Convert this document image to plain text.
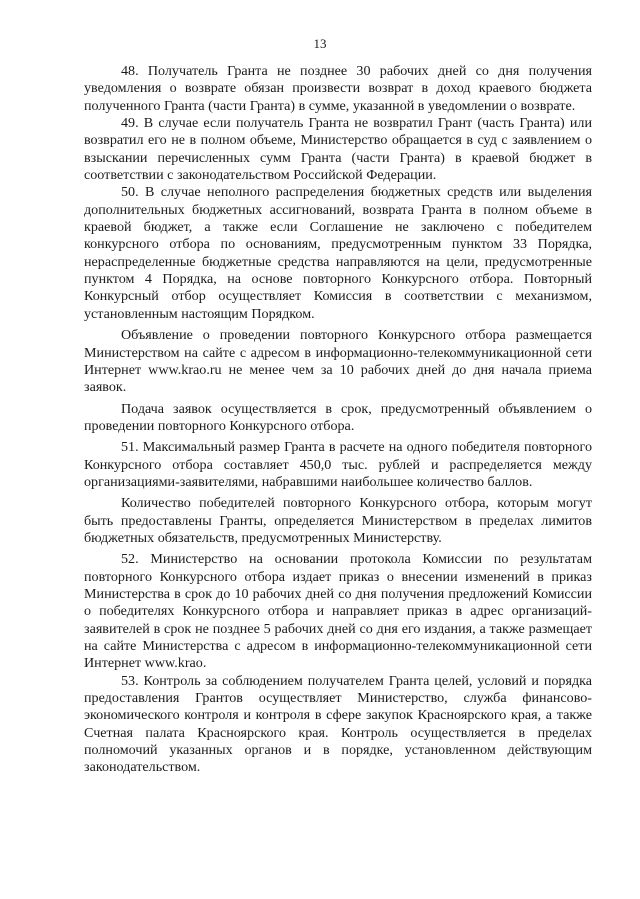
13

48. Получатель Гранта не позднее 30 рабочих дней со дня получения уведомления о возврате обязан произвести возврат в доход краевого бюджета полученного Гранта (части Гранта) в сумме, указанной в уведомлении о возврате.

49. В случае если получатель Гранта не возвратил Грант (часть Гранта) или возвратил его не в полном объеме, Министерство обращается в суд с заявлением о взыскании перечисленных сумм Гранта (части Гранта) в краевой бюджет в соответствии с законодательством Российской Федерации.

50. В случае неполного распределения бюджетных средств или выделения дополнительных бюджетных ассигнований, возврата Гранта в полном объеме в краевой бюджет, а также если Соглашение не заключено с победителем конкурсного отбора по основаниям, предусмотренным пунктом 33 Порядка, нераспределенные бюджетные средства направляются на цели, предусмотренные пунктом 4 Порядка, на основе повторного Конкурсного отбора. Повторный Конкурсный отбор осуществляет Комиссия в соответствии с механизмом, установленным настоящим Порядком.

Объявление о проведении повторного Конкурсного отбора размещается Министерством на сайте с адресом в информационно-телекоммуникационной сети Интернет www.krao.ru не менее чем за 10 рабочих дней до дня начала приема заявок.

Подача заявок осуществляется в срок, предусмотренный объявлением о проведении повторного Конкурсного отбора.

51. Максимальный размер Гранта в расчете на одного победителя повторного Конкурсного отбора составляет 450,0 тыс. рублей и распределяется между организациями-заявителями, набравшими наибольшее количество баллов.

Количество победителей повторного Конкурсного отбора, которым могут быть предоставлены Гранты, определяется Министерством в пределах лимитов бюджетных обязательств, предусмотренных Министерству.

52. Министерство на основании протокола Комиссии по результатам повторного Конкурсного отбора издает приказ о внесении изменений в приказ Министерства в срок до 10 рабочих дней со дня получения предложений Комиссии о победителях Конкурсного отбора и направляет приказ в адрес организаций-заявителей в срок не позднее 5 рабочих дней со дня его издания, а также размещает на сайте Министерства с адресом в информационно-телекоммуникационной сети Интернет www.krao.

53. Контроль за соблюдением получателем Гранта целей, условий и порядка предоставления Грантов осуществляет Министерство, служба финансово-экономического контроля и контроля в сфере закупок Красноярского края, а также Счетная палата Красноярского края. Контроль осуществляется в пределах полномочий указанных органов и в порядке, установленном действующим законодательством.
